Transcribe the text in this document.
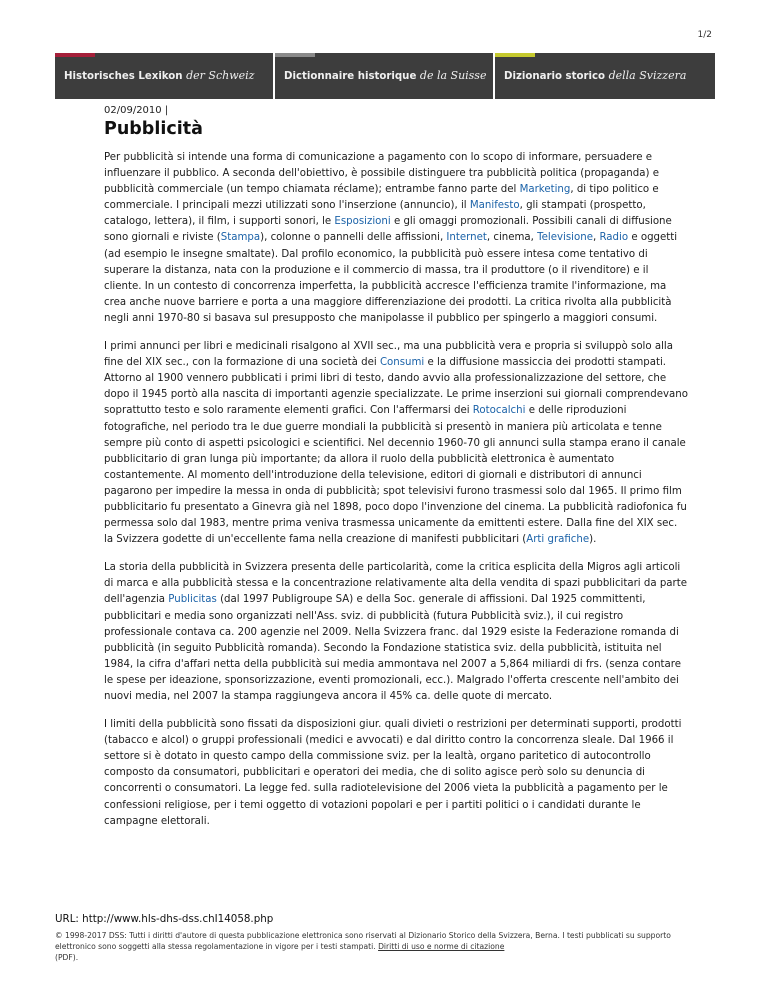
1/2
Historisches Lexikon der Schweiz	Dictionnaire historique de la Suisse	Dizionario storico della Svizzera
02/09/2010 |
Pubblicità

Per pubblicità si intende una forma di comunicazione a pagamento con lo scopo di informare, persuadere e influenzare il pubblico. A seconda dell'obiettivo, è possibile distinguere tra pubblicità politica (propaganda) e pubblicità commerciale (un tempo chiamata réclame); entrambe fanno parte del Marketing, di tipo politico e commerciale. I principali mezzi utilizzati sono l'inserzione (annuncio), il Manifesto, gli stampati (prospetto, catalogo, lettera), il film, i supporti sonori, le Esposizioni e gli omaggi promozionali. Possibili canali di diffusione sono giornali e riviste (Stampa), colonne o pannelli delle affissioni, Internet, cinema, Televisione, Radio e oggetti (ad esempio le insegne smaltate). Dal profilo economico, la pubblicità può essere intesa come tentativo di superare la distanza, nata con la produzione e il commercio di massa, tra il produttore (o il rivenditore) e il cliente. In un contesto di concorrenza imperfetta, la pubblicità accresce l'efficienza tramite l'informazione, ma crea anche nuove barriere e porta a una maggiore differenziazione dei prodotti. La critica rivolta alla pubblicità negli anni 1970-80 si basava sul presupposto che manipolasse il pubblico per spingerlo a maggiori consumi.

I primi annunci per libri e medicinali risalgono al XVII sec., ma una pubblicità vera e propria si sviluppò solo alla fine del XIX sec., con la formazione di una società dei Consumi e la diffusione massiccia dei prodotti stampati. Attorno al 1900 vennero pubblicati i primi libri di testo, dando avvio alla professionalizzazione del settore, che dopo il 1945 portò alla nascita di importanti agenzie specializzate. Le prime inserzioni sui giornali comprendevano soprattutto testo e solo raramente elementi grafici. Con l'affermarsi dei Rotocalchi e delle riproduzioni fotografiche, nel periodo tra le due guerre mondiali la pubblicità si presentò in maniera più articolata e tenne sempre più conto di aspetti psicologici e scientifici. Nel decennio 1960-70 gli annunci sulla stampa erano il canale pubblicitario di gran lunga più importante; da allora il ruolo della pubblicità elettronica è aumentato costantemente. Al momento dell'introduzione della televisione, editori di giornali e distributori di annunci pagarono per impedire la messa in onda di pubblicità; spot televisivi furono trasmessi solo dal 1965. Il primo film pubblicitario fu presentato a Ginevra già nel 1898, poco dopo l'invenzione del cinema. La pubblicità radiofonica fu permessa solo dal 1983, mentre prima veniva trasmessa unicamente da emittenti estere. Dalla fine del XIX sec. la Svizzera godette di un'eccellente fama nella creazione di manifesti pubblicitari (Arti grafiche).

La storia della pubblicità in Svizzera presenta delle particolarità, come la critica esplicita della Migros agli articoli di marca e alla pubblicità stessa e la concentrazione relativamente alta della vendita di spazi pubblicitari da parte dell'agenzia Publicitas (dal 1997 Publigroupe SA) e della Soc. generale di affissioni. Dal 1925 committenti, pubblicitari e media sono organizzati nell'Ass. sviz. di pubblicità (futura Pubblicità sviz.), il cui registro professionale contava ca. 200 agenzie nel 2009. Nella Svizzera franc. dal 1929 esiste la Federazione romanda di pubblicità (in seguito Pubblicità romanda). Secondo la Fondazione statistica sviz. della pubblicità, istituita nel 1984, la cifra d'affari netta della pubblicità sui media ammontava nel 2007 a 5,864 miliardi di frs. (senza contare le spese per ideazione, sponsorizzazione, eventi promozionali, ecc.). Malgrado l'offerta crescente nell'ambito dei nuovi media, nel 2007 la stampa raggiungeva ancora il 45% ca. delle quote di mercato.

I limiti della pubblicità sono fissati da disposizioni giur. quali divieti o restrizioni per determinati supporti, prodotti (tabacco e alcol) o gruppi professionali (medici e avvocati) e dal diritto contro la concorrenza sleale. Dal 1966 il settore si è dotato in questo campo della commissione sviz. per la lealtà, organo paritetico di autocontrollo composto da consumatori, pubblicitari e operatori dei media, che di solito agisce però solo su denuncia di concorrenti o consumatori. La legge fed. sulla radiotelevisione del 2006 vieta la pubblicità a pagamento per le confessioni religiose, per i temi oggetto di votazioni popolari e per i partiti politici o i candidati durante le campagne elettorali.

URL: http://www.hls-dhs-dss.chI14058.php
© 1998-2017 DSS: Tutti i diritti d'autore di questa pubblicazione elettronica sono riservati al Dizionario Storico della Svizzera, Berna. I testi pubblicati su supporto elettronico sono soggetti alla stessa regolamentazione in vigore per i testi stampati. Diritti di uso e norme di citazione
(PDF).
